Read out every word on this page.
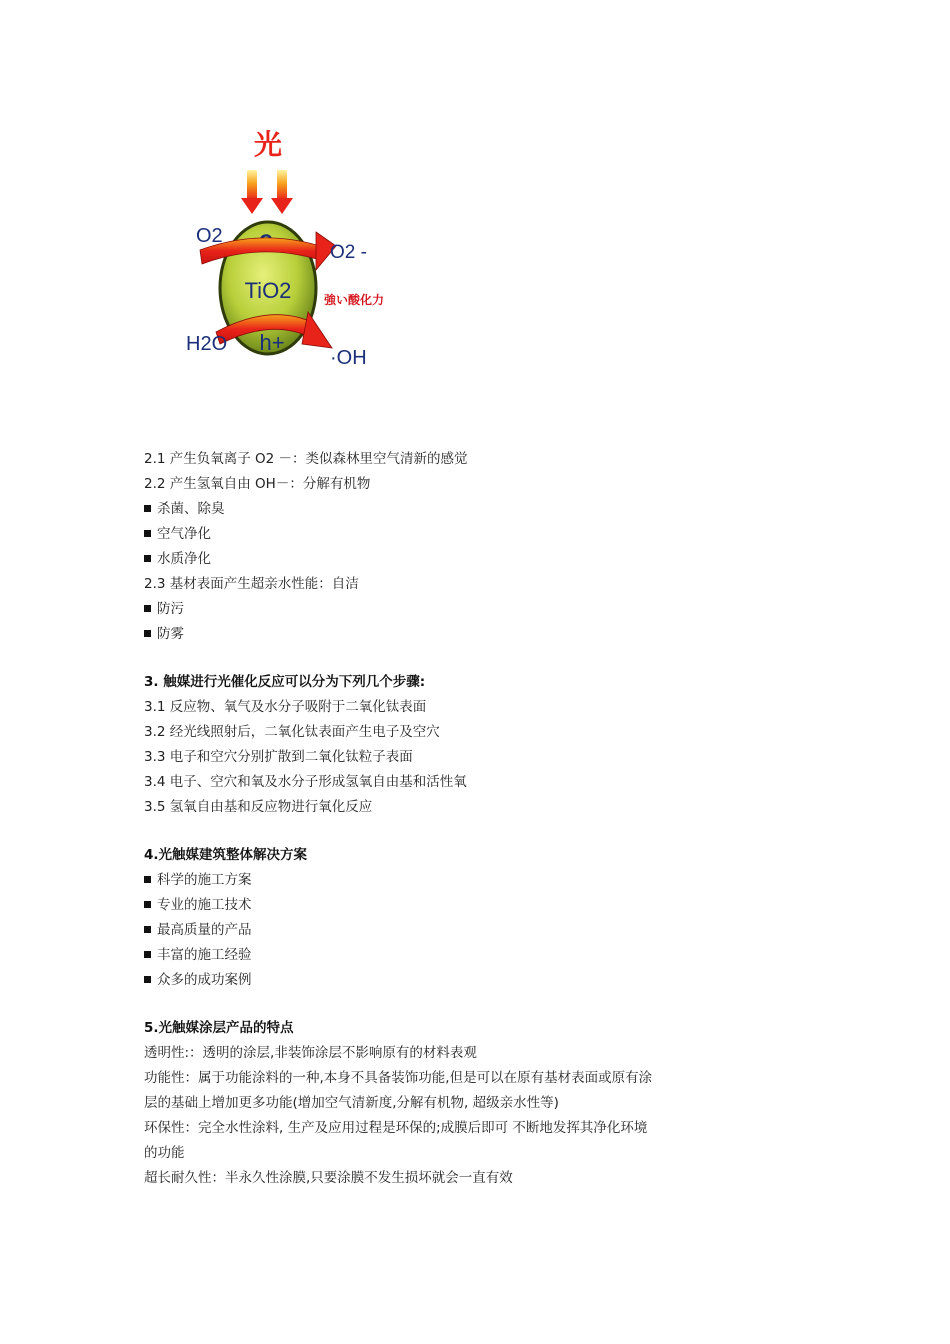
光
TiO2
h+
O2
O2 -
強い酸化力
H2O
·OH
2.1 产生负氧离子 O2 －：类似森林里空气清新的感觉
2.2 产生氢氧自由 OH－：分解有机物
杀菌、除臭
空气净化
水质净化
2.3 基材表面产生超亲水性能：自洁
防污
防雾
3. 触媒进行光催化反应可以分为下列几个步骤:
3.1 反应物、氧气及水分子吸附于二氧化钛表面
3.2 经光线照射后，二氧化钛表面产生电子及空穴
3.3 电子和空穴分别扩散到二氧化钛粒子表面
3.4 电子、空穴和氧及水分子形成氢氧自由基和活性氧
3.5 氢氧自由基和反应物进行氧化反应
4.光触媒建筑整体解决方案
科学的施工方案
专业的施工技术
最高质量的产品
丰富的施工经验
众多的成功案例
5.光触媒涂层产品的特点
透明性:：透明的涂层,非装饰涂层不影响原有的材料表观
功能性：属于功能涂料的一种,本身不具备装饰功能,但是可以在原有基材表面或原有涂
层的基础上增加更多功能(增加空气清新度,分解有机物, 超级亲水性等)
环保性：完全水性涂料, 生产及应用过程是环保的;成膜后即可 不断地发挥其净化环境
的功能
超长耐久性：半永久性涂膜,只要涂膜不发生损坏就会一直有效
